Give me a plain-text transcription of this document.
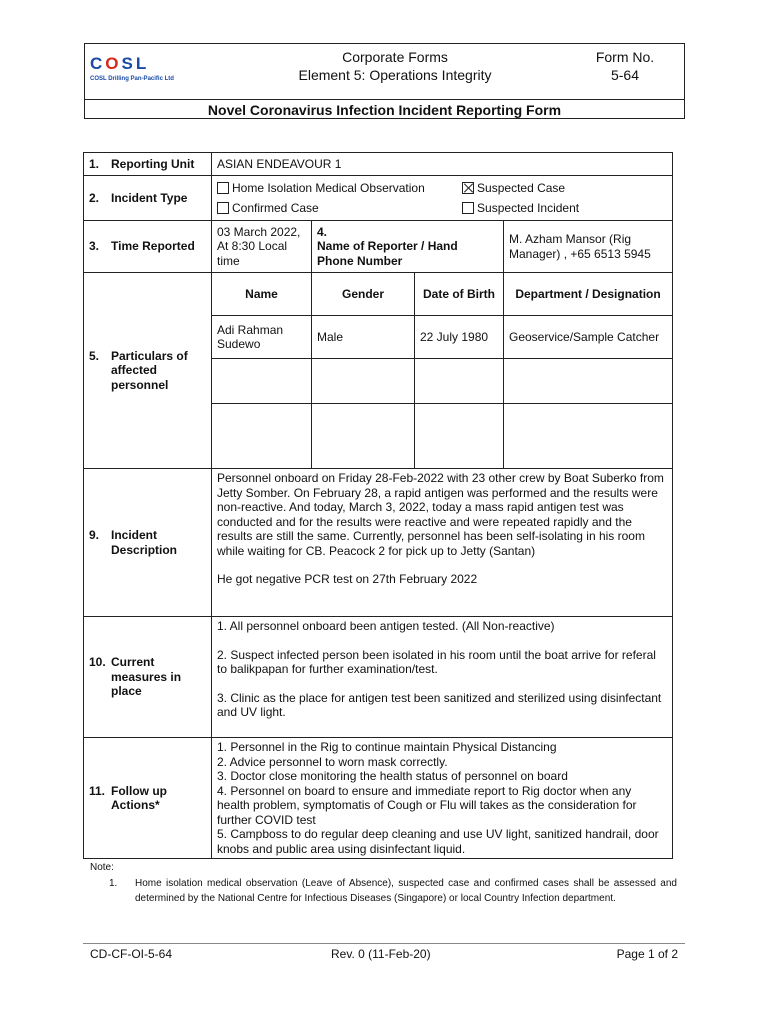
COSL
COSL Drilling Pan-Pacific Ltd
Corporate Forms
Element 5: Operations Integrity
Form No.
5-64
Novel Coronavirus Infection Incident Reporting Form
1. Reporting Unit	ASIAN ENDEAVOUR 1			
2. Incident Type	Home Isolation Medical Observation Suspected Case
Confirmed Case Suspected Incident			

3. Time Reported	03 March 2022, At 8:30 Local time	4.Name of Reporter / Hand Phone Number		M. Azham Mansor (Rig Manager) , +65 6513 5945
5. Particulars of affected personnel	Name	Gender	Date of Birth	Department / Designation
	Adi Rahman Sudewo	Male	22 July 1980	Geoservice/Sample Catcher

9. Incident Description	Personnel onboard on Friday 28-Feb-2022 with 23 other crew by Boat Suberko from Jetty Somber. On February 28, a rapid antigen was performed and the results were non-reactive. And today, March 3, 2022, today a mass rapid antigen test was conducted and for the results were reactive and were repeated rapidly and the results are still the same. Currently, personnel has been self-isolating in his room while waiting for CB. Peacock 2 for pick up to Jetty (Santan)

He got negative PCR test on 27th February 2022			

10. Current measures in place	1. All personnel onboard been antigen tested. (All Non-reactive)

2. Suspect infected person been isolated in his room until the boat arrive for referal to balikpapan for further examination/test.

3. Clinic as the place for antigen test been sanitized and sterilized using disinfectant and UV light.			

11. Follow up Actions*	1. Personnel in the Rig to continue maintain Physical Distancing

2. Advice personnel to worn mask correctly.

3. Doctor close monitoring the health status of personnel on board

4. Personnel on board to ensure and immediate report to Rig doctor when any health problem, symptomatis of Cough or Flu will takes as the consideration for further COVID test

5. Campboss to do regular deep cleaning and use UV light, sanitized handrail, door knobs and public area using disinfectant liquid.			

Note:
1.	Home isolation medical observation (Leave of Absence), suspected case and confirmed cases shall be assessed and determined by the National Centre for Infectious Diseases (Singapore) or local Country Infection department.
CD-CF-OI-5-64	Rev. 0 (11-Feb-20)	Page 1 of 2
